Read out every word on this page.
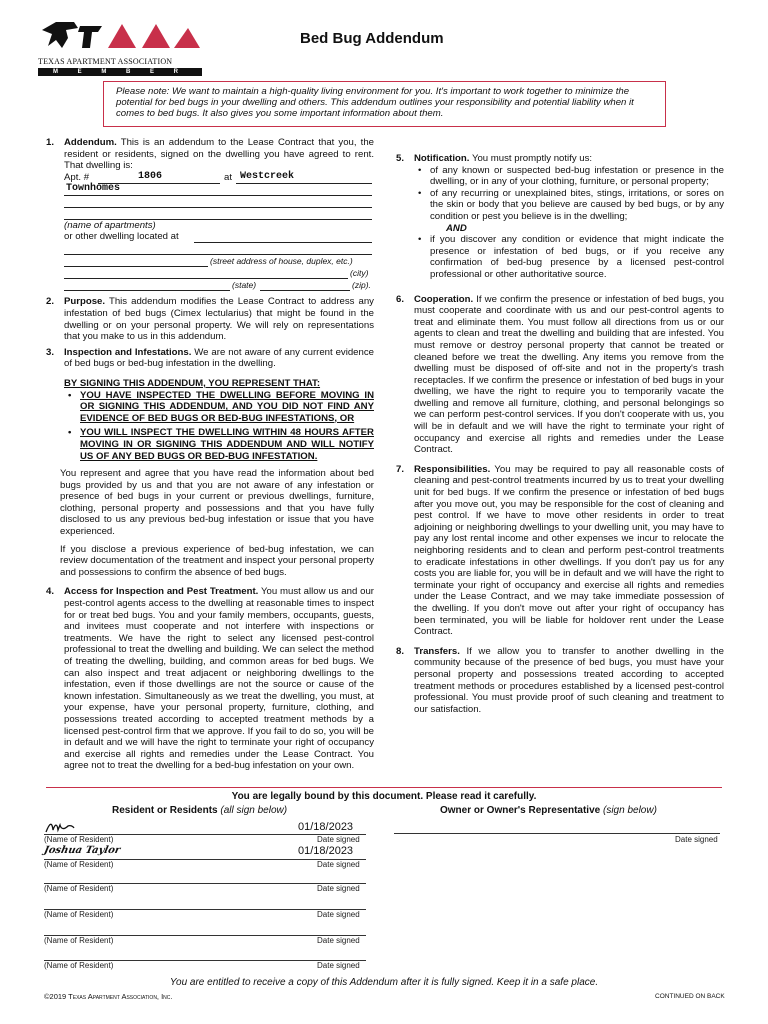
TEXAS APARTMENT ASSOCIATION
M E M B E R
Bed Bug Addendum
Please note: We want to maintain a high-quality living environment for you. It's important to work together to minimize the potential for bed bugs in your dwelling and others. This addendum outlines your responsibility and potential liability when it comes to bed bugs. It also gives you some important information about them.
1. Addendum. This is an addendum to the Lease Contract that you, the resident or residents, signed on the dwelling you have agreed to rent. That dwelling is:
Apt. #	1806	at Westcreek
Townhomes
(name of apartments)
or other dwelling located at
(street address of house, duplex, etc.)
(city)
(state)	(zip).
2. Purpose. This addendum modifies the Lease Contract to address any infestation of bed bugs (Cimex lectularius) that might be found in the dwelling or on your personal property. We will rely on representations that you make to us in this addendum.
3. Inspection and Infestations. We are not aware of any current evidence of bed bugs or bed-bug infestation in the dwelling.
BY SIGNING THIS ADDENDUM, YOU REPRESENT THAT:
• YOU HAVE INSPECTED THE DWELLING BEFORE MOVING IN OR SIGNING THIS ADDENDUM, AND YOU DID NOT FIND ANY EVIDENCE OF BED BUGS OR BED-BUG INFESTATIONS, OR
• YOU WILL INSPECT THE DWELLING WITHIN 48 HOURS AFTER MOVING IN OR SIGNING THIS ADDENDUM AND WILL NOTIFY US OF ANY BED BUGS OR BED-BUG INFESTATION.

You represent and agree that you have read the information about bed bugs provided by us and that you are not aware of any infestation or presence of bed bugs in your current or previous dwellings, furniture, clothing, personal property and possessions and that you have fully disclosed to us any previous bed-bug infestation or issue that you have experienced.

If you disclose a previous experience of bed-bug infestation, we can review documentation of the treatment and inspect your personal property and possessions to confirm the absence of bed bugs.

4. Access for Inspection and Pest Treatment. You must allow us and our pest-control agents access to the dwelling at reasonable times to inspect for or treat bed bugs. You and your family members, occupants, guests, and invitees must cooperate and not interfere with inspections or treatments. We have the right to select any licensed pest-control professional to treat the dwelling and building. We can select the method of treating the dwelling, building, and common areas for bed bugs. We can also inspect and treat adjacent or neighboring dwellings to the infestation, even if those dwellings are not the source or cause of the known infestation. Simultaneously as we treat the dwelling, you must, at your expense, have your personal property, furniture, clothing, and possessions treated according to accepted treatment methods by a licensed pest-control firm that we approve. If you fail to do so, you will be in default and we will have the right to terminate your right of occupancy and exercise all rights and remedies under the Lease Contract. You agree not to treat the dwelling for a bed-bug infestation on your own.
5. Notification. You must promptly notify us:
• of any known or suspected bed-bug infestation or presence in the dwelling, or in any of your clothing, furniture, or personal property;
• of any recurring or unexplained bites, stings, irritations, or sores on the skin or body that you believe are caused by bed bugs, or by any condition or pest you believe is in the dwelling;
AND
• if you discover any condition or evidence that might indicate the presence or infestation of bed bugs, or if you receive any confirmation of bed-bug presence by a licensed pest-control professional or other authoritative source.
6. Cooperation. If we confirm the presence or infestation of bed bugs, you must cooperate and coordinate with us and our pest-control agents to treat and eliminate them. You must follow all directions from us or our agents to clean and treat the dwelling and building that are infested. You must remove or destroy personal property that cannot be treated or cleaned before we treat the dwelling. Any items you remove from the dwelling must be disposed of off-site and not in the property's trash receptacles. If we confirm the presence or infestation of bed bugs in your dwelling, we have the right to require you to temporarily vacate the dwelling and remove all furniture, clothing, and personal belongings so we can perform pest-control services. If you don't cooperate with us, you will be in default and we will have the right to terminate your right of occupancy and exercise all rights and remedies under the Lease Contract.
7. Responsibilities. You may be required to pay all reasonable costs of cleaning and pest-control treatments incurred by us to treat your dwelling unit for bed bugs. If we confirm the presence or infestation of bed bugs after you move out, you may be responsible for the cost of cleaning and pest control. If we have to move other residents in order to treat adjoining or neighboring dwellings to your dwelling unit, you may have to pay any lost rental income and other expenses we incur to relocate the neighboring residents and to clean and perform pest-control treatments to eradicate infestations in other dwellings. If you don't pay us for any costs you are liable for, you will be in default and we will have the right to terminate your right of occupancy and exercise all rights and remedies under the Lease Contract, and we may take immediate possession of the dwelling. If you don't move out after your right of occupancy has been terminated, you will be liable for holdover rent under the Lease Contract.
8. Transfers. If we allow you to transfer to another dwelling in the community because of the presence of bed bugs, you must have your personal property and possessions treated according to accepted treatment methods or procedures established by a licensed pest-control professional. You must provide proof of such cleaning and treatment to our satisfaction.
You are legally bound by this document. Please read it carefully.
Resident or Residents (all sign below)	Owner or Owner's Representative (sign below)
01/18/2023
(Name of Resident)	Date signed
Joshua Taylor	01/18/2023
(Name of Resident)	Date signed
(Name of Resident)	Date signed
(Name of Resident)	Date signed
(Name of Resident)	Date signed
(Name of Resident)	Date signed
Date signed
You are entitled to receive a copy of this Addendum after it is fully signed. Keep it in a safe place.
©2019 Texas Apartment Association, Inc.	CONTINUED ON BACK
